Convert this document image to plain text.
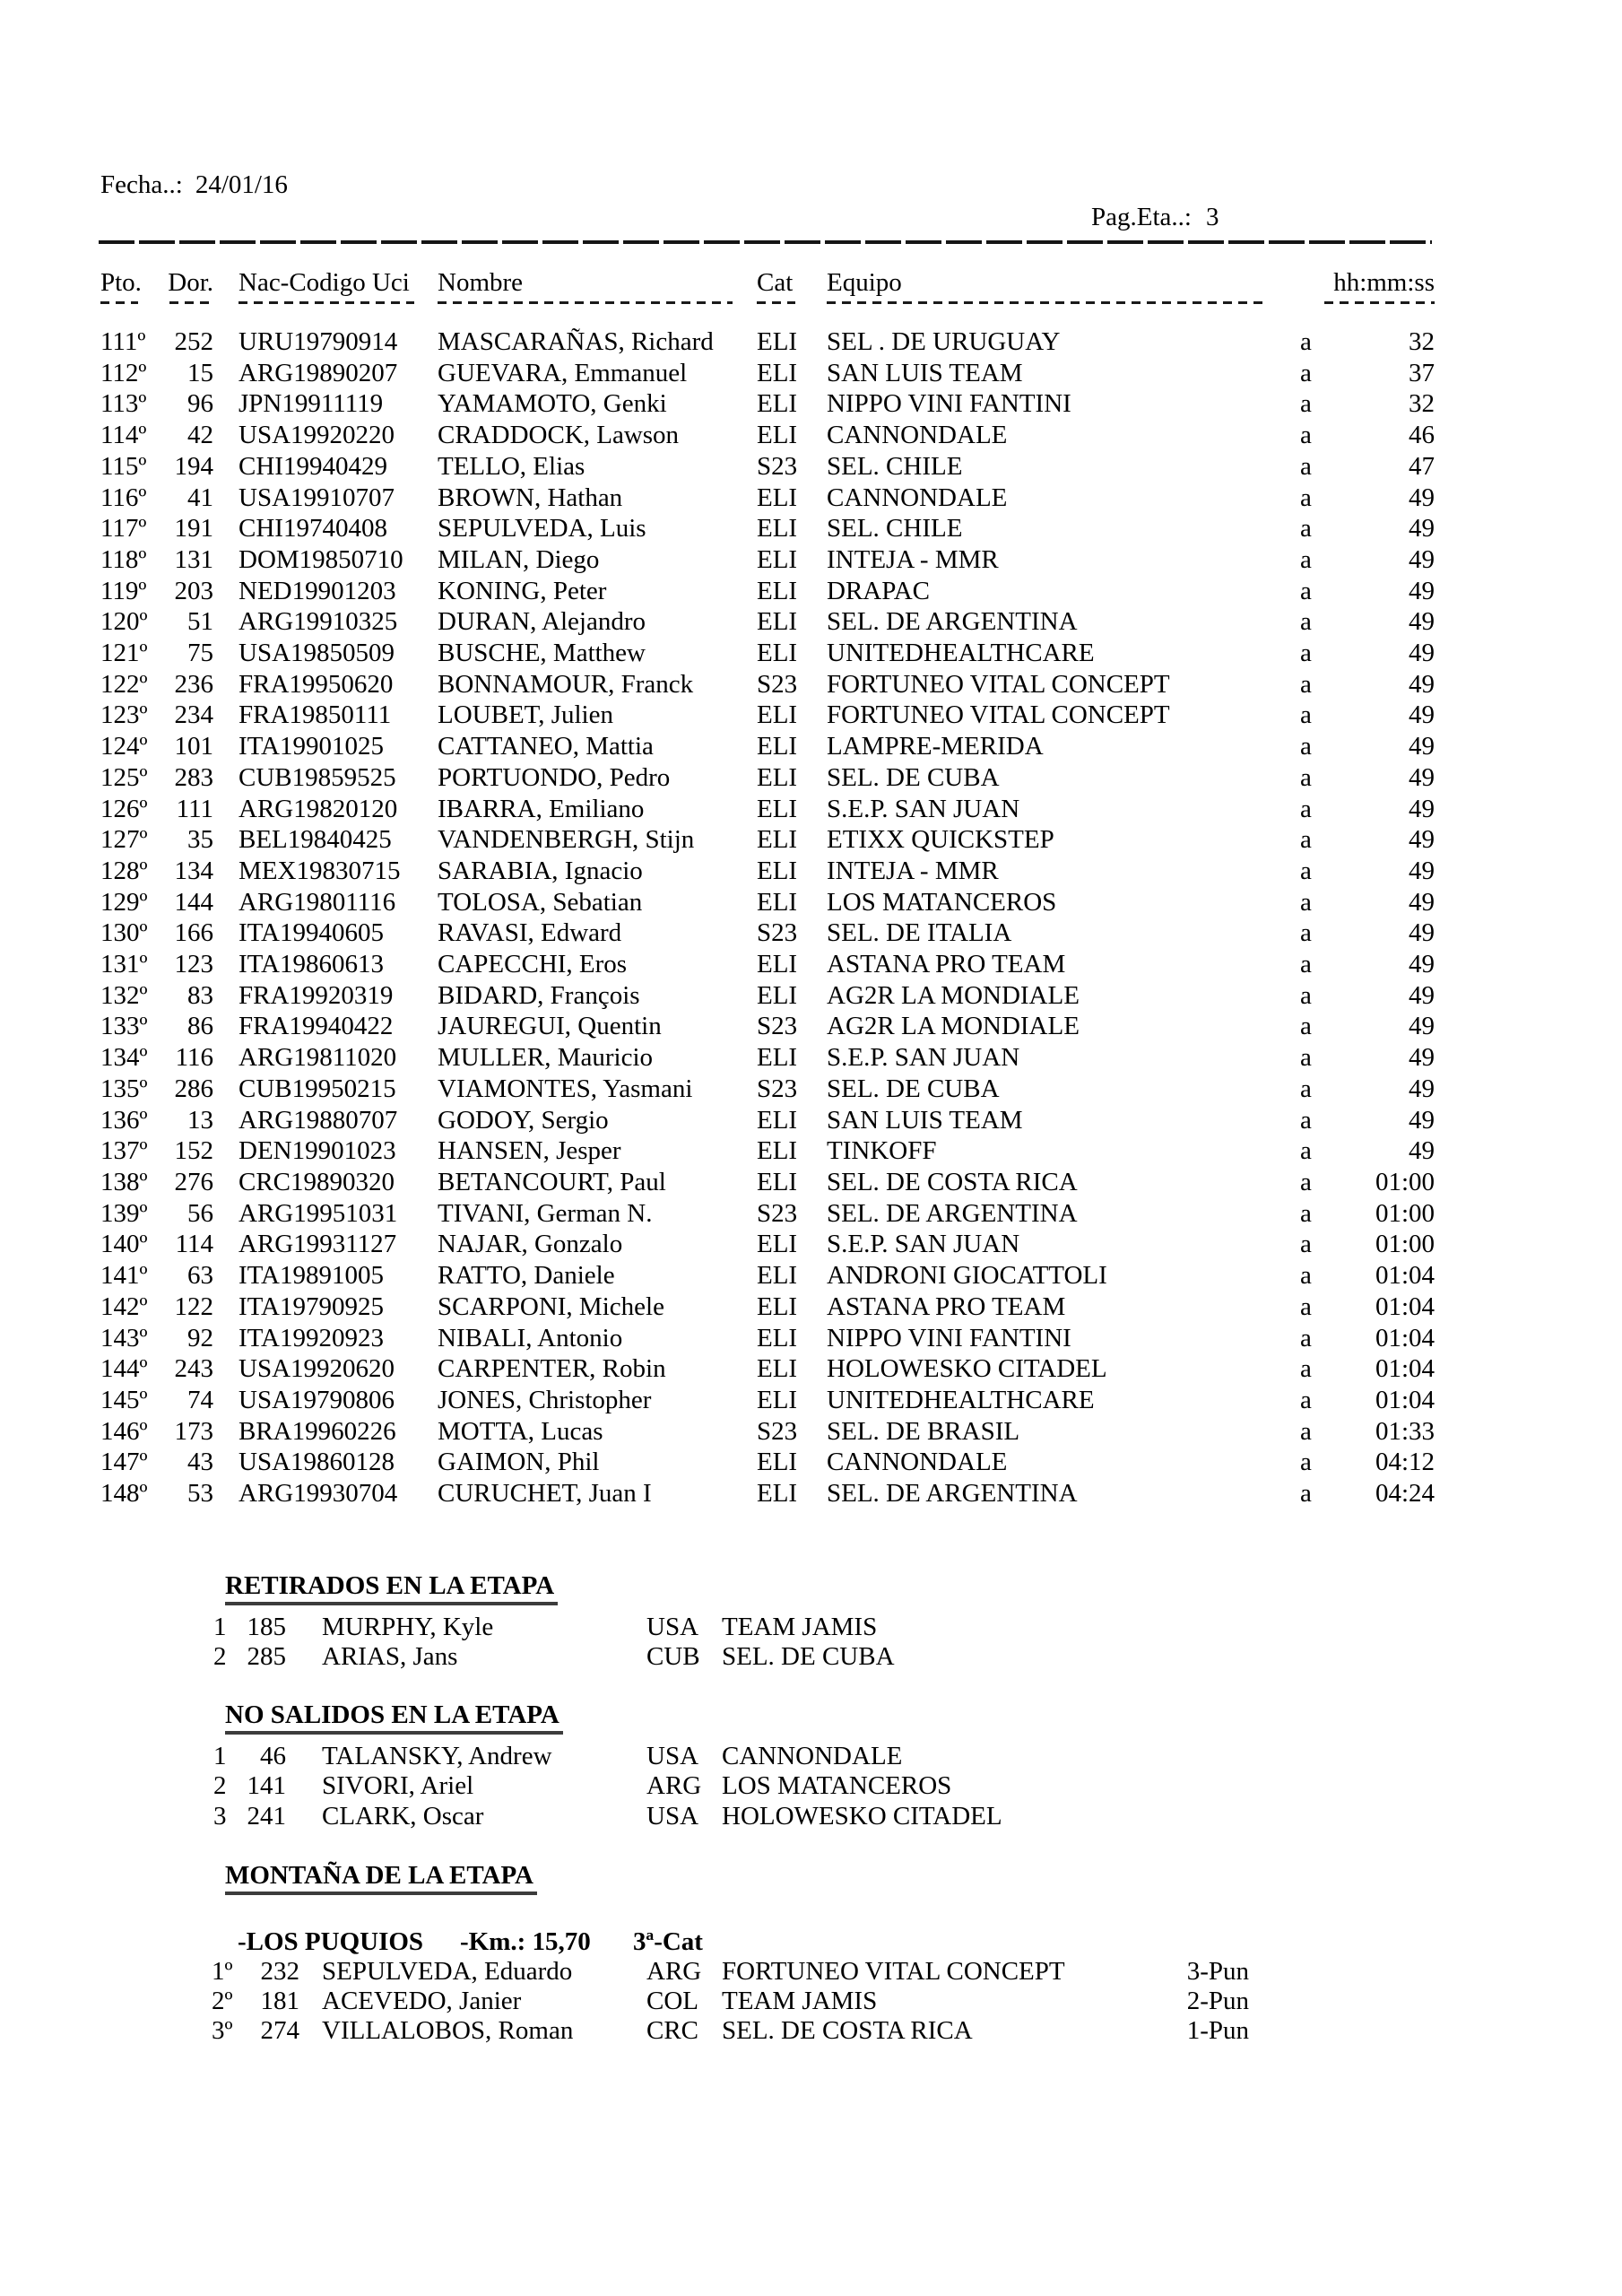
Fecha..: 24/01/16
Pag.Eta..: 3
Pto.	Dor. Nac-Codigo Uci	Nombre	Cat	Equipo	hh:mm:ss
111º	252 URU19790914	MASCARAÑAS, Richard	ELI	SEL . DE URUGUAY	a	32
112º	15 ARG19890207	GUEVARA, Emmanuel	ELI	SAN LUIS TEAM	a	37
113º	96 JPN19911119	YAMAMOTO, Genki	ELI	NIPPO VINI FANTINI	a	32
114º	42 USA19920220	CRADDOCK, Lawson	ELI	CANNONDALE	a	46
115º	194 CHI19940429	TELLO, Elias	S23	SEL. CHILE	a	47
116º	41 USA19910707	BROWN, Hathan	ELI	CANNONDALE	a	49
117º	191 CHI19740408	SEPULVEDA, Luis	ELI	SEL. CHILE	a	49
118º	131 DOM19850710	MILAN, Diego	ELI	INTEJA - MMR	a	49
119º	203 NED19901203	KONING, Peter	ELI	DRAPAC	a	49
120º	51 ARG19910325	DURAN, Alejandro	ELI	SEL. DE ARGENTINA	a	49
121º	75 USA19850509	BUSCHE, Matthew	ELI	UNITEDHEALTHCARE	a	49
122º	236 FRA19950620	BONNAMOUR, Franck	S23	FORTUNEO VITAL CONCEPT	a	49
123º	234 FRA19850111	LOUBET, Julien	ELI	FORTUNEO VITAL CONCEPT	a	49
124º	101 ITA19901025	CATTANEO, Mattia	ELI	LAMPRE-MERIDA	a	49
125º	283 CUB19859525	PORTUONDO, Pedro	ELI	SEL. DE CUBA	a	49
126º	111 ARG19820120	IBARRA, Emiliano	ELI	S.E.P. SAN JUAN	a	49
127º	35 BEL19840425	VANDENBERGH, Stijn	ELI	ETIXX QUICKSTEP	a	49
128º	134 MEX19830715	SARABIA, Ignacio	ELI	INTEJA - MMR	a	49
129º	144 ARG19801116	TOLOSA, Sebatian	ELI	LOS MATANCEROS	a	49
130º	166 ITA19940605	RAVASI, Edward	S23	SEL. DE ITALIA	a	49
131º	123 ITA19860613	CAPECCHI, Eros	ELI	ASTANA PRO TEAM	a	49
132º	83 FRA19920319	BIDARD, François	ELI	AG2R LA MONDIALE	a	49
133º	86 FRA19940422	JAUREGUI, Quentin	S23	AG2R LA MONDIALE	a	49
134º	116 ARG19811020	MULLER, Mauricio	ELI	S.E.P. SAN JUAN	a	49
135º	286 CUB19950215	VIAMONTES, Yasmani	S23	SEL. DE CUBA	a	49
136º	13 ARG19880707	GODOY, Sergio	ELI	SAN LUIS TEAM	a	49
137º	152 DEN19901023	HANSEN, Jesper	ELI	TINKOFF	a	49
138º	276 CRC19890320	BETANCOURT, Paul	ELI	SEL. DE COSTA RICA	a	01:00
139º	56 ARG19951031	TIVANI, German N.	S23	SEL. DE ARGENTINA	a	01:00
140º	114 ARG19931127	NAJAR, Gonzalo	ELI	S.E.P. SAN JUAN	a	01:00
141º	63 ITA19891005	RATTO, Daniele	ELI	ANDRONI GIOCATTOLI	a	01:04
142º	122 ITA19790925	SCARPONI, Michele	ELI	ASTANA PRO TEAM	a	01:04
143º	92 ITA19920923	NIBALI, Antonio	ELI	NIPPO VINI FANTINI	a	01:04
144º	243 USA19920620	CARPENTER, Robin	ELI	HOLOWESKO CITADEL	a	01:04
145º	74 USA19790806	JONES, Christopher	ELI	UNITEDHEALTHCARE	a	01:04
146º	173 BRA19960226	MOTTA, Lucas	S23	SEL. DE BRASIL	a	01:33
147º	43 USA19860128	GAIMON, Phil	ELI	CANNONDALE	a	04:12
148º	53 ARG19930704	CURUCHET, Juan I	ELI	SEL. DE ARGENTINA	a	04:24
RETIRADOS EN LA ETAPA
1 185 MURPHY, Kyle	USA TEAM JAMIS
2 285 ARIAS, Jans	CUB SEL. DE CUBA
NO SALIDOS EN LA ETAPA
1	46 TALANSKY, Andrew	USA CANNONDALE
2 141 SIVORI, Ariel	ARG LOS MATANCEROS
3 241 CLARK, Oscar	USA HOLOWESKO CITADEL
MONTAÑA DE LA ETAPA
-LOS PUQUIOS -Km.: 15,70 3ª-Cat
1º	232 SEPULVEDA, Eduardo	ARG FORTUNEO VITAL CONCEPT	3-Pun
2º	181 ACEVEDO, Janier	COL TEAM JAMIS	2-Pun
3º	274 VILLALOBOS, Roman	CRC SEL. DE COSTA RICA	1-Pun
